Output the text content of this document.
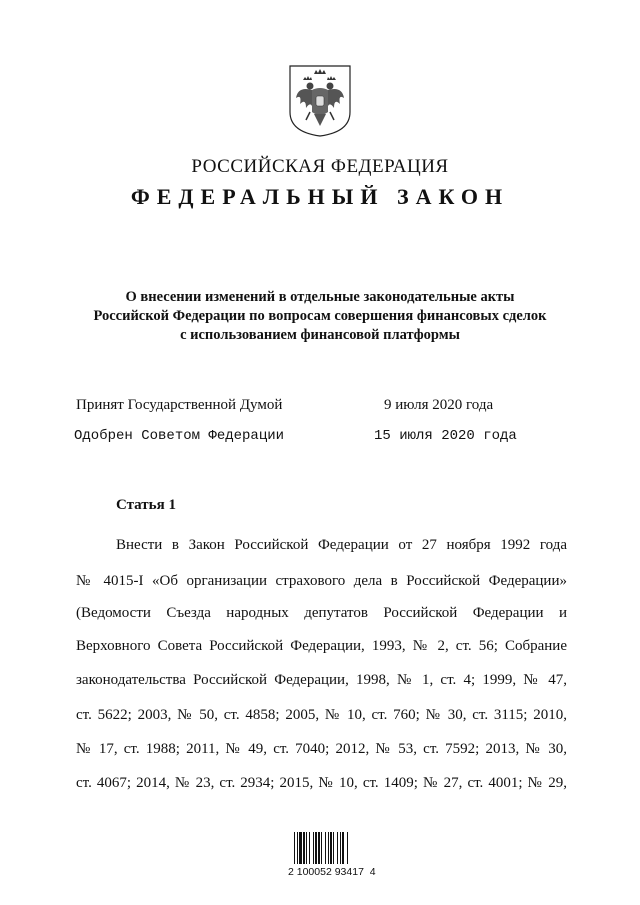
РОССИЙСКАЯ ФЕДЕРАЦИЯ
ФЕДЕРАЛЬНЫЙ ЗАКОН
О внесении изменений в отдельные законодательные акты
Российской Федерации по вопросам совершения финансовых сделок
с использованием финансовой платформы
Принят Государственной Думой	9 июля 2020 года
Одобрен Советом Федерации	15 июля 2020 года
Статья 1
Внести в Закон Российской Федерации от 27 ноября 1992 года
№ 4015-I «Об организации страхового дела в Российской Федерации»
(Ведомости Съезда народных депутатов Российской Федерации и
Верховного Совета Российской Федерации, 1993, № 2, ст. 56; Собрание
законодательства Российской Федерации, 1998, № 1, ст. 4; 1999, № 47,
ст. 5622; 2003, № 50, ст. 4858; 2005, № 10, ст. 760; № 30, ст. 3115; 2010,
№ 17, ст. 1988; 2011, № 49, ст. 7040; 2012, № 53, ст. 7592; 2013, № 30,
ст. 4067; 2014, № 23, ст. 2934; 2015, № 10, ст. 1409; № 27, ст. 4001; № 29,
2 100052 93417  4
